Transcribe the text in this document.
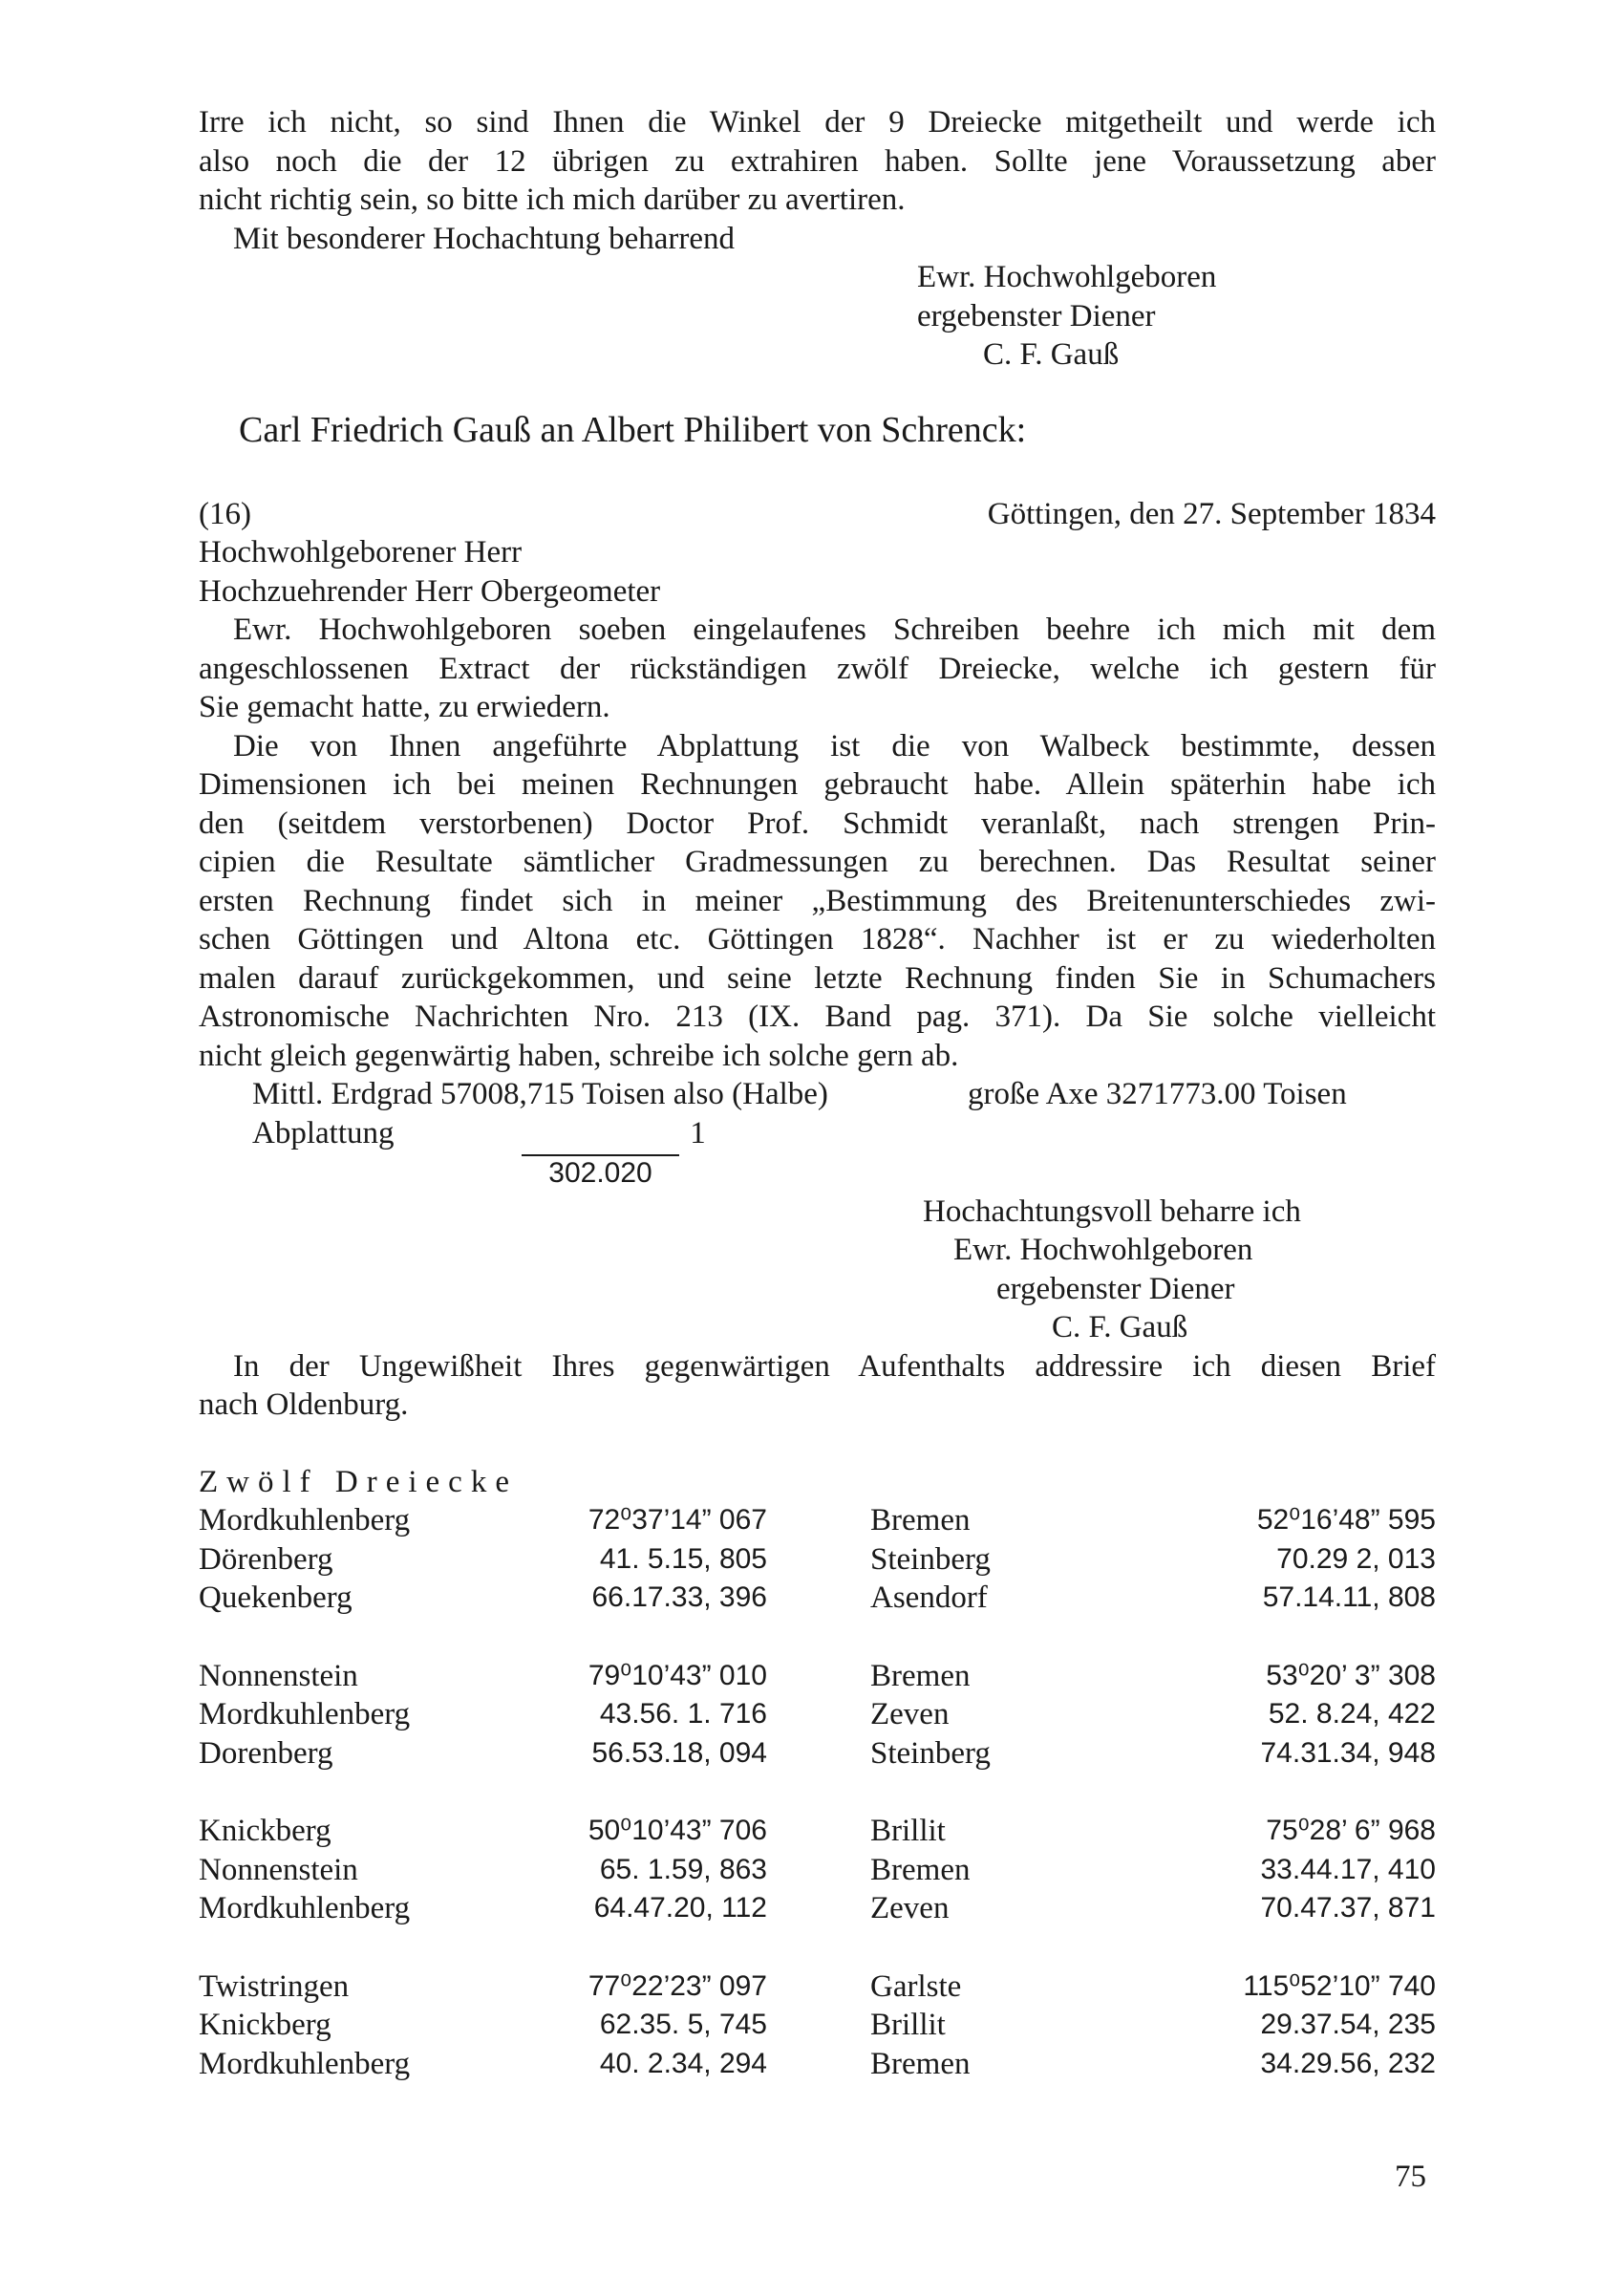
Irre ich nicht, so sind Ihnen die Winkel der 9 Dreiecke mitgetheilt und werde ich
also noch die der 12 übrigen zu extrahiren haben. Sollte jene Voraussetzung aber
nicht richtig sein, so bitte ich mich darüber zu avertiren.
Mit besonderer Hochachtung beharrend
Ewr. Hochwohlgeboren
ergebenster Diener
C. F. Gauß
Carl Friedrich Gauß an Albert Philibert von Schrenck:
(16)	Göttingen, den 27. September 1834
Hochwohlgeborener Herr
Hochzuehrender Herr Obergeometer
Ewr. Hochwohlgeboren soeben eingelaufenes Schreiben beehre ich mich mit dem
angeschlossenen Extract der rückständigen zwölf Dreiecke, welche ich gestern für
Sie gemacht hatte, zu erwiedern.
Die von Ihnen angeführte Abplattung ist die von Walbeck bestimmte, dessen
Dimensionen ich bei meinen Rechnungen gebraucht habe. Allein späterhin habe ich
den (seitdem verstorbenen) Doctor Prof. Schmidt veranlaßt, nach strengen Prin-
cipien die Resultate sämtlicher Gradmessungen zu berechnen. Das Resultat seiner
ersten Rechnung findet sich in meiner „Bestimmung des Breitenunterschiedes zwi-
schen Göttingen und Altona etc. Göttingen 1828“. Nachher ist er zu wiederholten
malen darauf zurückgekommen, und seine letzte Rechnung finden Sie in Schumachers
Astronomische Nachrichten Nro. 213 (IX. Band pag. 371). Da Sie solche vielleicht
nicht gleich gegenwärtig haben, schreibe ich solche gern ab.
Mittl. Erdgrad 57008,715 Toisen also (Halbe)	große Axe 3271773.00 Toisen
Abplattung	1
302.020
Hochachtungsvoll beharre ich
Ewr. Hochwohlgeboren
ergebenster Diener
C. F. Gauß
In der Ungewißheit Ihres gegenwärtigen Aufenthalts addressire ich diesen Brief
nach Oldenburg.
Zwölf Dreiecke
Mordkuhlenberg	72⁰37’14” 067	Bremen	52⁰16’48” 595
Dörenberg	41. 5.15, 805	Steinberg	70.29 2, 013
Quekenberg	66.17.33, 396	Asendorf	57.14.11, 808
Nonnenstein	79⁰10’43” 010	Bremen	53⁰20’ 3” 308
Mordkuhlenberg	43.56. 1. 716	Zeven	52. 8.24, 422
Dorenberg	56.53.18, 094	Steinberg	74.31.34, 948
Knickberg	50⁰10’43” 706	Brillit	75⁰28’ 6” 968
Nonnenstein	65. 1.59, 863	Bremen	33.44.17, 410
Mordkuhlenberg	64.47.20, 112	Zeven	70.47.37, 871
Twistringen	77⁰22’23” 097	Garlste	115⁰52’10” 740
Knickberg	62.35. 5, 745	Brillit	29.37.54, 235
Mordkuhlenberg	40. 2.34, 294	Bremen	34.29.56, 232
75
